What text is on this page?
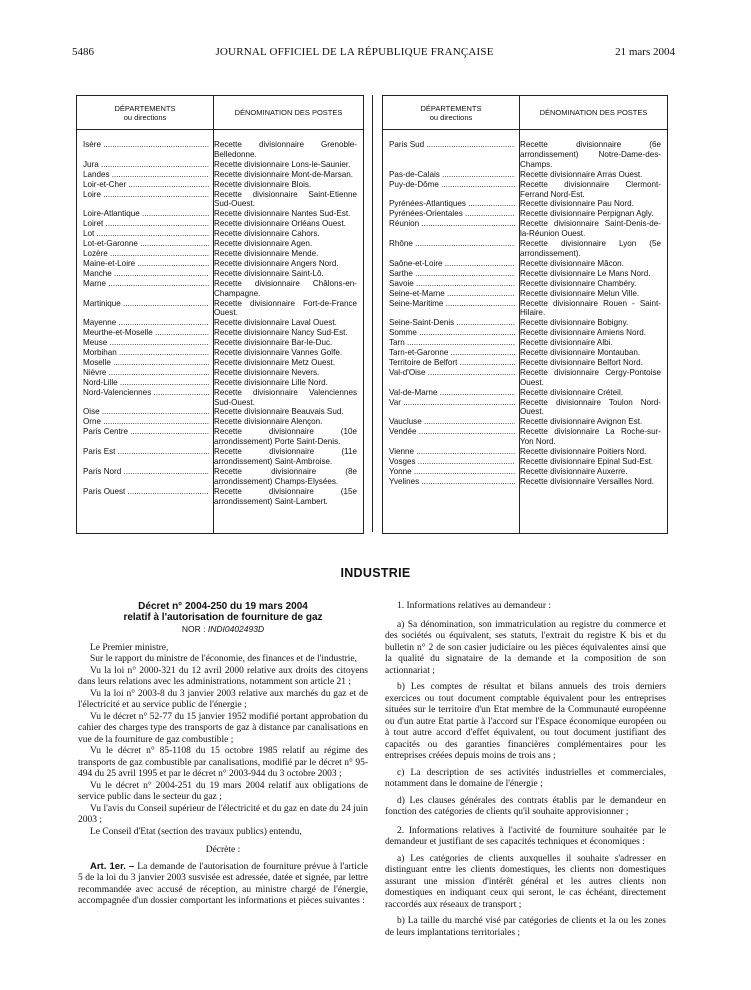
5486	JOURNAL OFFICIEL DE LA RÉPUBLIQUE FRANÇAISE	21 mars 2004
DÉPARTEMENTS
ou directions	DÉNOMINATION DES POSTES
Isère .....	Recette divisionnaire Grenoble-Belledonne.
Jura .....	Recette divisionnaire Lons-le-Saunier.
Landes .....	Recette divisionnaire Mont-de-Marsan.
Loir-et-Cher .....	Recette divisionnaire Blois.
Loire .....	Recette divisionnaire Saint-Etienne Sud-Ouest.
Loire-Atlantique .....	Recette divisionnaire Nantes Sud-Est.
Loiret .....	Recette divisionnaire Orléans Ouest.
Lot .....	Recette divisionnaire Cahors.
Lot-et-Garonne .....	Recette divisionnaire Agen.
Lozère .....	Recette divisionnaire Mende.
Maine-et-Loire .....	Recette divisionnaire Angers Nord.
Manche .....	Recette divisionnaire Saint-Lô.
Marne .....	Recette divisionnaire Châlons-en-Champagne.
Martinique .....	Recette divisionnaire Fort-de-France Ouest.
Mayenne .....	Recette divisionnaire Laval Ouest.
Meurthe-et-Moselle .....	Recette divisionnaire Nancy Sud-Est.
Meuse .....	Recette divisionnaire Bar-le-Duc.
Morbihan .....	Recette divisionnaire Vannes Golfe.
Moselle .....	Recette divisionnaire Metz Ouest.
Nièvre .....	Recette divisionnaire Nevers.
Nord-Lille .....	Recette divisionnaire Lille Nord.
Nord-Valenciennes .....	Recette divisionnaire Valenciennes Sud-Ouest.
Oise .....	Recette divisionnaire Beauvais Sud.
Orne .....	Recette divisionnaire Alençon.
Paris Centre .....	Recette divisionnaire (10e arrondissement) Porte Saint-Denis.
Paris Est .....	Recette divisionnaire (11e arrondissement) Saint-Ambroise.
Paris Nord .....	Recette divisionnaire (8e arrondissement) Champs-Elysées.
Paris Ouest .....	Recette divisionnaire (15e arrondissement) Saint-Lambert.
DÉPARTEMENTS
ou directions	DÉNOMINATION DES POSTES
Paris Sud .....	Recette divisionnaire (6e arrondissement) Notre-Dame-des-Champs.
Pas-de-Calais .....	Recette divisionnaire Arras Ouest.
Puy-de-Dôme .....	Recette divisionnaire Clermont-Ferrand Nord-Est.
Pyrénées-Atlantiques .....	Recette divisionnaire Pau Nord.
Pyrénées-Orientales .....	Recette divisionnaire Perpignan Agly.
Réunion .....	Recette divisionnaire Saint-Denis-de-la-Réunion Ouest.
Rhône .....	Recette divisionnaire Lyon (5e arrondissement).
Saône-et-Loire .....	Recette divisionnaire Mâcon.
Sarthe .....	Recette divisionnaire Le Mans Nord.
Savoie .....	Recette divisionnaire Chambéry.
Seine-et-Marne .....	Recette divisionnaire Melun Ville.
Seine-Maritime .....	Recette divisionnaire Rouen - Saint-Hilaire.
Seine-Saint-Denis .....	Recette divisionnaire Bobigny.
Somme .....	Recette divisionnaire Amiens Nord.
Tarn .....	Recette divisionnaire Albi.
Tarn-et-Garonne .....	Recette divisionnaire Montauban.
Territoire de Belfort .....	Recette divisionnaire Belfort Nord.
Val-d'Oise .....	Recette divisionnaire Cergy-Pontoise Ouest.
Val-de-Marne .....	Recette divisionnaire Créteil.
Var .....	Recette divisionnaire Toulon Nord-Ouest.
Vaucluse .....	Recette divisionnaire Avignon Est.
Vendée .....	Recette divisionnaire La Roche-sur-Yon Nord.
Vienne .....	Recette divisionnaire Poitiers Nord.
Vosges .....	Recette divisionnaire Epinal Sud-Est.
Yonne .....	Recette divisionnaire Auxerre.
Yvelines .....	Recette divisionnaire Versailles Nord.
INDUSTRIE
Décret n° 2004-250 du 19 mars 2004
relatif à l'autorisation de fourniture de gaz
NOR : INDI0402493D

Le Premier ministre,

Sur le rapport du ministre de l'économie, des finances et de l'industrie,

Vu la loi n° 2000-321 du 12 avril 2000 relative aux droits des citoyens dans leurs relations avec les administrations, notamment son article 21 ;

Vu la loi n° 2003-8 du 3 janvier 2003 relative aux marchés du gaz et de l'électricité et au service public de l'énergie ;

Vu le décret n° 52-77 du 15 janvier 1952 modifié portant approbation du cahier des charges type des transports de gaz à distance par canalisations en vue de la fourniture de gaz combustible ;

Vu le décret n° 85-1108 du 15 octobre 1985 relatif au régime des transports de gaz combustible par canalisations, modifié par le décret n° 95-494 du 25 avril 1995 et par le décret n° 2003-944 du 3 octobre 2003 ;

Vu le décret n° 2004-251 du 19 mars 2004 relatif aux obligations de service public dans le secteur du gaz ;

Vu l'avis du Conseil supérieur de l'électricité et du gaz en date du 24 juin 2003 ;

Le Conseil d'Etat (section des travaux publics) entendu,

Décrète :

Art. 1er. – La demande de l'autorisation de fourniture prévue à l'article 5 de la loi du 3 janvier 2003 susvisée est adressée, datée et signée, par lettre recommandée avec accusé de réception, au ministre chargé de l'énergie, accompagnée d'un dossier comportant les informations et pièces suivantes :

1. Informations relatives au demandeur :

a) Sa dénomination, son immatriculation au registre du commerce et des sociétés ou équivalent, ses statuts, l'extrait du registre K bis et du bulletin n° 2 de son casier judiciaire ou les pièces équivalentes ainsi que la qualité du signataire de la demande et la composition de son actionnariat ;

b) Les comptes de résultat et bilans annuels des trois derniers exercices ou tout document comptable équivalent pour les entreprises situées sur le territoire d'un Etat membre de la Communauté européenne ou d'un autre Etat partie à l'accord sur l'Espace économique européen ou à tout autre accord d'effet équivalent, ou tout document justifiant des capacités ou des garanties financières complémentaires pour les entreprises créées depuis moins de trois ans ;

c) La description de ses activités industrielles et commerciales, notamment dans le domaine de l'énergie ;

d) Les clauses générales des contrats établis par le demandeur en fonction des catégories de clients qu'il souhaite approvisionner ;

2. Informations relatives à l'activité de fourniture souhaitée par le demandeur et justifiant de ses capacités techniques et économiques :

a) Les catégories de clients auxquelles il souhaite s'adresser en distinguant entre les clients domestiques, les clients non domestiques assurant une mission d'intérêt général et les autres clients non domestiques en indiquant ceux qui seront, le cas échéant, directement raccordés aux réseaux de transport ;

b) La taille du marché visé par catégories de clients et la ou les zones de leurs implantations territoriales ;
